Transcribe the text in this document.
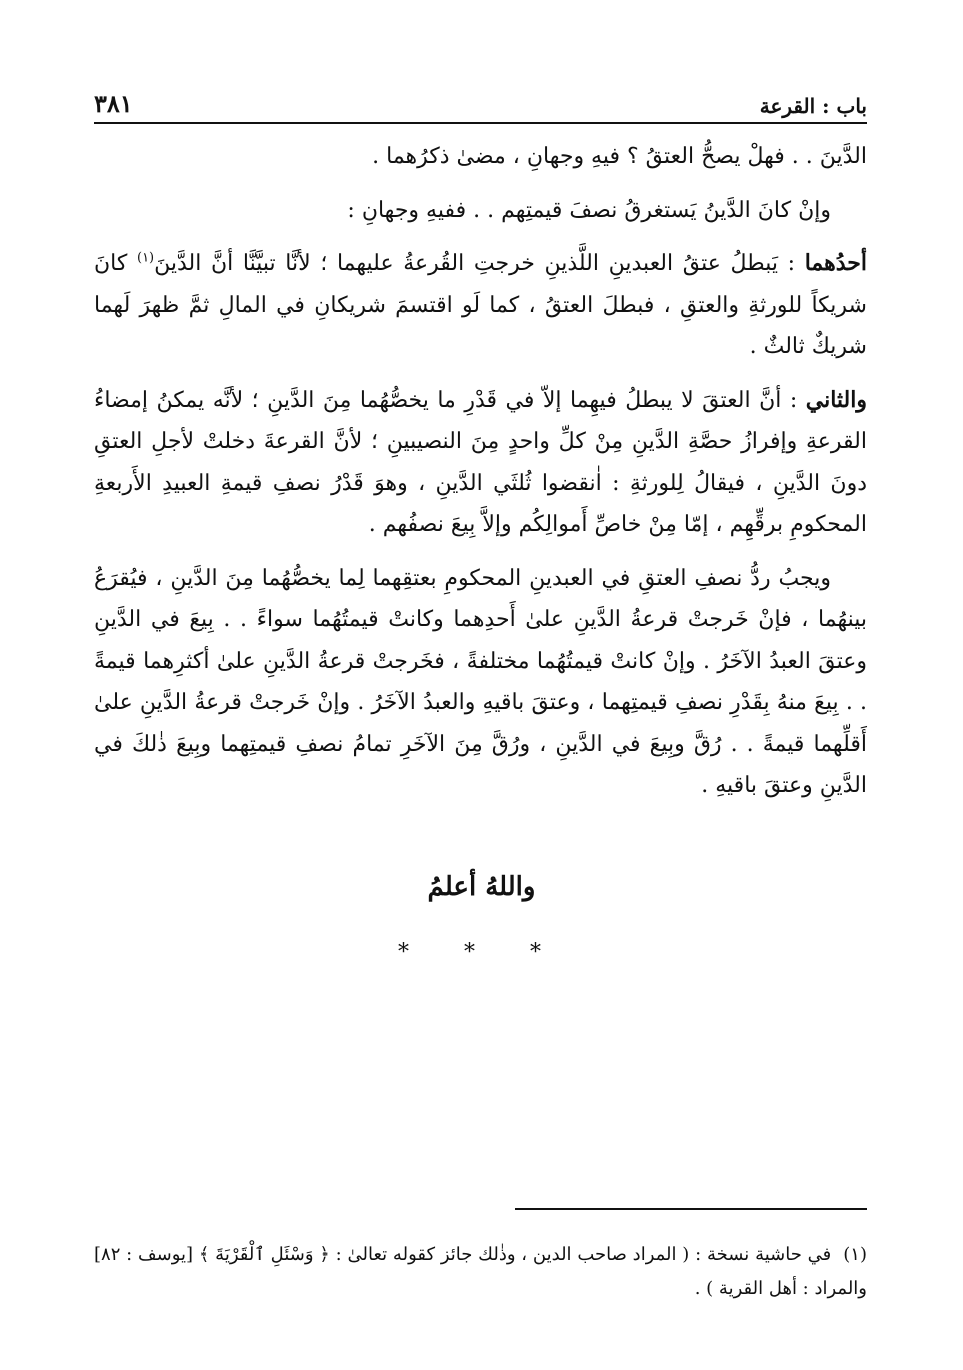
باب : القرعة
٣٨١

الدَّينَ . . فهلْ يصحُّ العتقُ ؟ فيهِ وجهانِ ، مضىٰ ذكرُهما .

وإنْ كانَ الدَّينُ يَستغرقُ نصفَ قيمتِهم . . ففيهِ وجهانِ :

أحدُهما : يَبطلُ عتقُ العبدينِ اللَّذينِ خرجتِ القُرعةُ عليهما ؛ لأنَّا تبيَّنَّا أنَّ الدَّينَ$^{(١)}$ كانَ شريكاً للورثةِ والعتقِ ، فبطلَ العتقُ ، كما لَو اقتسمَ شريكانِ في المالِ ثمَّ ظهرَ لَهما شريكٌ ثالثٌ .

والثاني : أنَّ العتقَ لا يبطلُ فيهِما إلاّ في قَدْرِ ما يخصُّهُما مِنَ الدَّينِ ؛ لأنَّه يمكنُ إمضاءُ القرعةِ وإفرازُ حصَّةِ الدَّينِ مِنْ كلِّ واحدٍ مِنَ النصيبينِ ؛ لأنَّ القرعةَ دخلتْ لأجلِ العتقِ دونَ الدَّينِ ، فيقالُ لِلورثةِ : اٰنقضوا ثُلثَي الدَّينِ ، وهوَ قَدْرُ نصفِ قيمةِ العبيدِ الأَربعةِ المحكومِ برقِّهِم ، إمّا مِنْ خاصِّ أَموالِكُم وإلاَّ بِيعَ نصفُهم .

ويجبُ ردُّ نصفِ العتقِ في العبدينِ المحكومِ بعتقِهما لِما يخصُّهُما مِنَ الدَّينِ ، فيُقرَعُ بينهُما ، فإنْ خَرجتْ قرعةُ الدَّينِ علىٰ أَحدِهما وكانتْ قيمتُهُما سواءً . . بِيعَ في الدَّينِ وعتقَ العبدُ الآخَرُ . وإنْ كانتْ قيمتُهُما مختلفةً ، فخَرجتْ قرعةُ الدَّينِ علىٰ أكثرِهما قيمةً . . بِيعَ منهُ بِقَدْرِ نصفِ قيمتِهما ، وعتقَ باقيهِ والعبدُ الآخَرُ . وإنْ خَرجتْ قرعةُ الدَّينِ علىٰ أَقلِّهما قيمةً . . رُقَّ وبِيعَ في الدَّينِ ، ورُقَّ مِنَ الآخَرِ تمامُ نصفِ قيمتِهما وبِيعَ ذٰلكَ في الدَّينِ وعتقَ باقيهِ .

واللهُ أعلمُ
* * *
(١)في حاشية نسخة : ( المراد صاحب الدين ، وذٰلك جائز كقوله تعالىٰ : ﴿ وَسْئَلِ ٱلْقَرْيَةَ ﴾ [يوسف : ٨٢] والمراد : أهل القرية ) .
